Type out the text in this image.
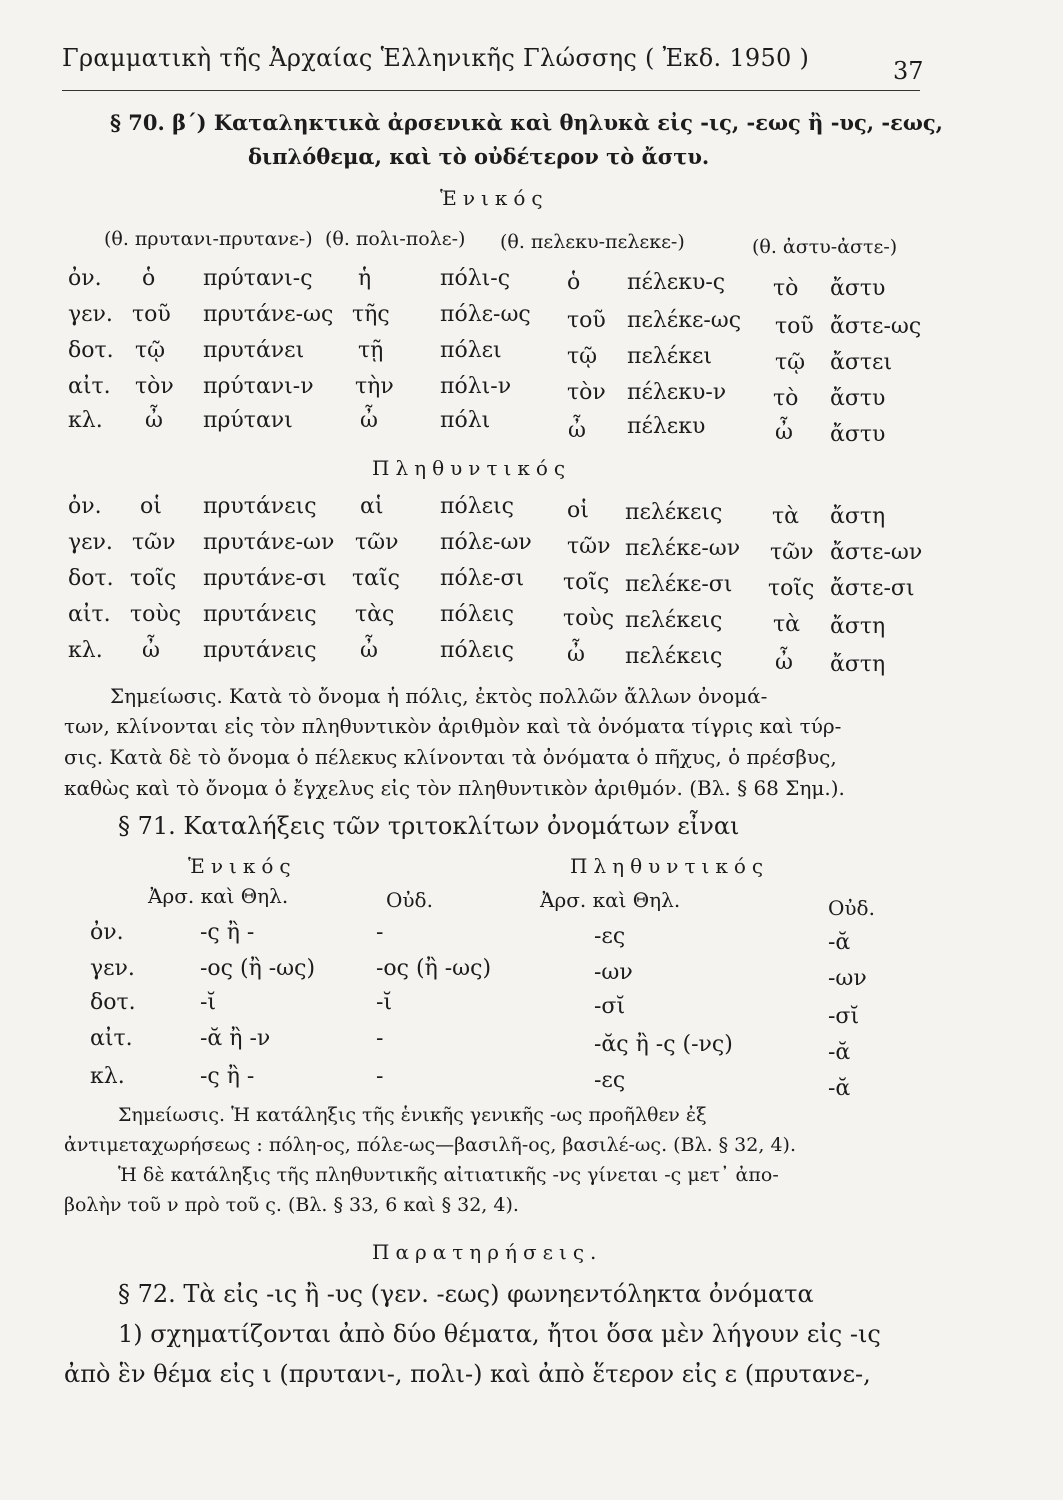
Γραμματικὴ τῆς Ἀρχαίας Ἑλληνικῆς Γλώσσης ( Ἐκδ. 1950 )	37
§ 70. β΄) Καταληκτικὰ ἀρσενικὰ καὶ θηλυκὰ εἰς -ις, -εως ἢ -υς, -εως,
διπλόθεμα, καὶ τὸ οὐδέτερον τὸ ἄστυ.
Ἑνικός
(θ. πρυτανι-πρυτανε-) (θ. πολι-πολε-) (θ. πελεκυ-πελεκε-)	(θ. ἀστυ-ἀστε-)
ὀν. ὁ πρύτανι-ς ἡ	πόλι-ς	ὁ πέλεκυ-ς τὸ ἄστυ
γεν. τοῦ πρυτάνε-ως τῆς πόλε-ως τοῦ πελέκε-ως τοῦ ἄστε-ως
δοτ. τῷ πρυτάνει τῇ	πόλει	τῷ πελέκει	τῷ ἄστει
αἰτ. τὸν πρύτανι-ν τὴν πόλι-ν	τὸν πέλεκυ-ν τὸ ἄστυ
κλ. ὦ πρύτανι	ὦ	πόλι	ὦ πέλεκυ	ὦ ἄστυ
Πληθυντικός
ὀν. οἱ πρυτάνεις αἱ	πόλεις οἱ πελέκεις τὰ ἄστη
γεν. τῶν πρυτάνε-ων τῶν πόλε-ων τῶν πελέκε-ων τῶν ἄστε-ων
δοτ. τοῖς πρυτάνε-σι ταῖς πόλε-σι τοῖς πελέκε-σι τοῖς ἄστε-σι
αἰτ. τοὺς πρυτάνεις τὰς πόλεις τοὺς πελέκεις τὰ ἄστη
κλ. ὦ πρυτάνεις ὦ	πόλεις ὦ πελέκεις ὦ ἄστη
Σημείωσις. Κατὰ τὸ ὄνομα ἡ πόλις, ἐκτὸς πολλῶν ἄλλων ὀνομά-
των, κλίνονται εἰς τὸν πληθυντικὸν ἀριθμὸν καὶ τὰ ὀνόματα τίγρις καὶ τύρ-
σις. Κατὰ δὲ τὸ ὄνομα ὁ πέλεκυς κλίνονται τὰ ὀνόματα ὁ πῆχυς, ὁ πρέσβυς,
καθὼς καὶ τὸ ὄνομα ὁ ἔγχελυς εἰς τὸν πληθυντικὸν ἀριθμόν. (Βλ. § 68 Σημ.).
§ 71. Καταλήξεις τῶν τριτοκλίτων ὀνομάτων εἶναι
Ἑνικός	Πληθυντικός
Ἀρσ. καὶ Θηλ.	Οὐδ.	Ἀρσ. καὶ Θηλ.	Οὐδ.
ὀν.	-ς ἢ -	-	-ες	-ᾰ
γεν.	-ος (ἢ -ως)	-ος (ἢ -ως)	-ων	-ων
δοτ.	-ῐ	-ῐ	-σῐ	-σῐ
αἰτ.	-ᾰ ἢ -ν	-	-ᾰς ἢ -ς (-νς)	-ᾰ
κλ.	-ς ἢ -	-	-ες	-ᾰ
Σημείωσις. Ἡ κατάληξις τῆς ἑνικῆς γενικῆς -ως προῆλθεν ἐξ
ἀντιμεταχωρήσεως : πόλη-ος, πόλε-ως—βασιλῆ-ος, βασιλέ-ως. (Βλ. § 32, 4).
Ἡ δὲ κατάληξις τῆς πληθυντικῆς αἰτιατικῆς -νς γίνεται -ς μετ᾽ ἀπο-
βολὴν τοῦ ν πρὸ τοῦ ς. (Βλ. § 33, 6 καὶ § 32, 4).
Παρατηρήσεις.
§ 72. Τὰ εἰς -ις ἢ -υς (γεν. -εως) φωνηεντόληκτα ὀνόματα
1) σχηματίζονται ἀπὸ δύο θέματα, ἤτοι ὅσα μὲν λήγουν εἰς -ις
ἀπὸ ἓν θέμα εἰς ι (πρυτανι-, πολι-) καὶ ἀπὸ ἕτερον εἰς ε (πρυτανε-,
